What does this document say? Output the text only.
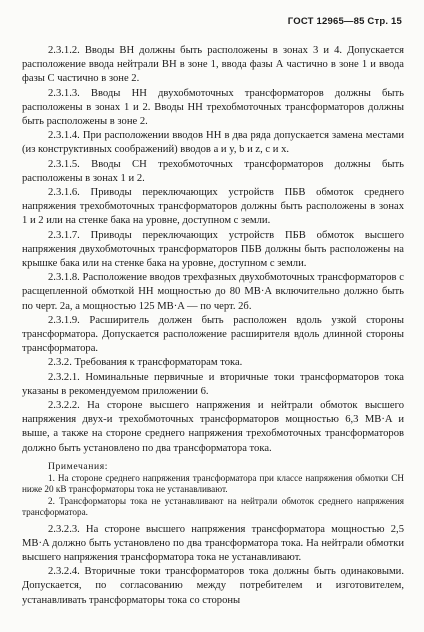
ГОСТ 12965—85 Стр. 15

2.3.1.2. Вводы ВН должны быть расположены в зонах 3 и 4. Допускается расположение ввода нейтрали ВН в зоне 1, ввода фазы А частично в зоне 1 и ввода фазы С частично в зоне 2.

2.3.1.3. Вводы НН двухобмоточных трансформаторов должны быть расположены в зонах 1 и 2. Вводы НН трехобмоточных трансформаторов должны быть расположены в зоне 2.

2.3.1.4. При расположении вводов НН в два ряда допускается замена местами (из конструктивных соображений) вводов a и y, b и z, c и x.

2.3.1.5. Вводы СН трехобмоточных трансформаторов должны быть расположены в зонах 1 и 2.

2.3.1.6. Приводы переключающих устройств ПБВ обмоток среднего напряжения трехобмоточных трансформаторов должны быть расположены в зонах 1 и 2 или на стенке бака на уровне, доступном с земли.

2.3.1.7. Приводы переключающих устройств ПБВ обмоток высшего напряжения двухобмоточных трансформаторов ПБВ должны быть расположены на крышке бака или на стенке бака на уровне, доступном с земли.

2.3.1.8. Расположение вводов трехфазных двухобмоточных трансформаторов с расщепленной обмоткой НН мощностью до 80 MB·A включительно должно быть по черт. 2а, а мощностью 125 MB·A — по черт. 2б.

2.3.1.9. Расширитель должен быть расположен вдоль узкой стороны трансформатора. Допускается расположение расширителя вдоль длинной стороны трансформатора.

2.3.2. Требования к трансформаторам тока.

2.3.2.1. Номинальные первичные и вторичные токи трансформаторов тока указаны в рекомендуемом приложении 6.

2.3.2.2. На стороне высшего напряжения и нейтрали обмоток высшего напряжения двух-и трехобмоточных трансформаторов мощностью 6,3 MB·A и выше, а также на стороне среднего напряжения трехобмоточных трансформаторов должно быть установлено по два трансформатора тока.

Примечания:

1. На стороне среднего напряжения трансформатора при классе напряжения обмотки СН ниже 20 кВ трансформаторы тока не устанавливают.

2. Трансформаторы тока не устанавливают на нейтрали обмоток среднего напряжения трансформатора.

2.3.2.3. На стороне высшего напряжения трансформатора мощностью 2,5 MB·A должно быть установлено по два трансформатора тока. На нейтрали обмотки высшего напряжения трансформатора тока не устанавливают.

2.3.2.4. Вторичные токи трансформаторов тока должны быть одинаковыми. Допускается, по согласованию между потребителем и изготовителем, устанавливать трансформаторы тока со стороны
